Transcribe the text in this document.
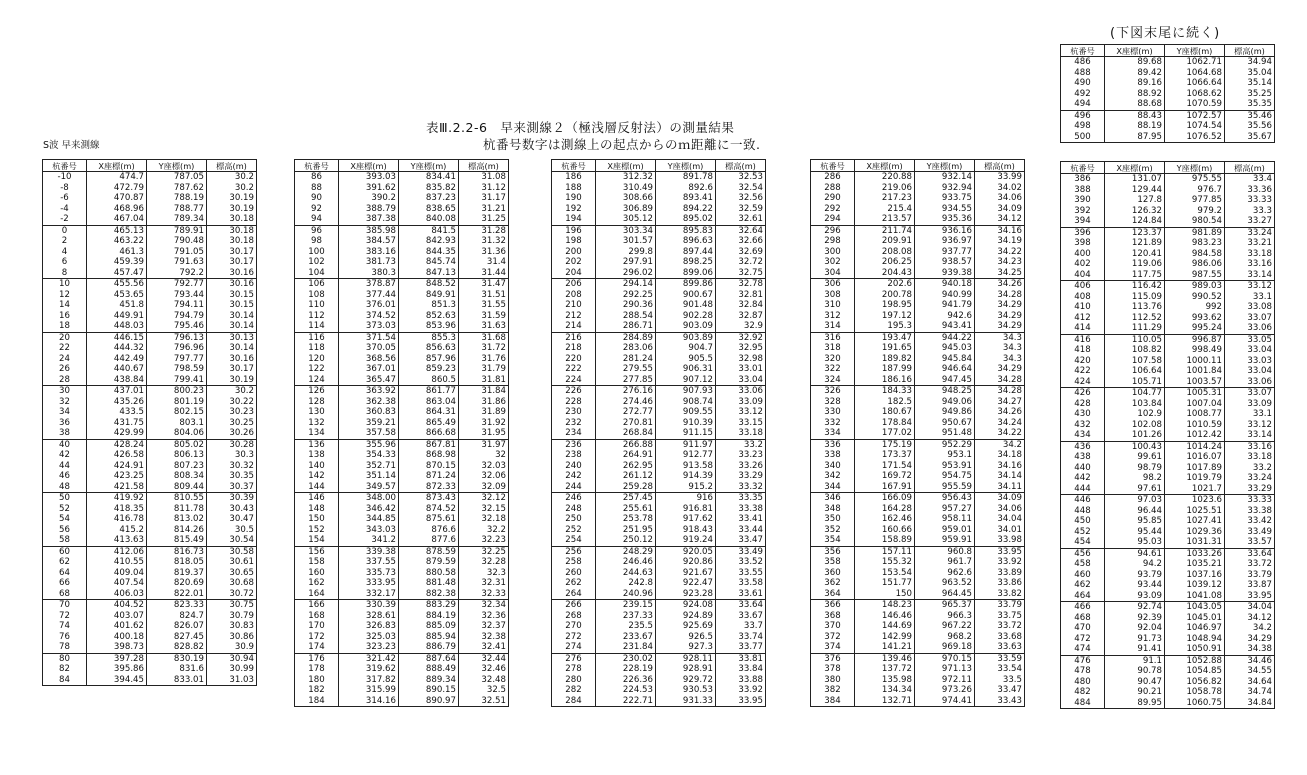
(下図末尾に続く)
表Ⅲ.2.2-6　早来測線２（極浅層反射法）の測量結果
杭番号数字は測線上の起点からのｍ距離に一致.
S波 早来測線
杭番号	X座標(m)	Y座標(m)	標高(m)
-10	474.7	787.05	30.2
-8	472.79	787.62	30.2
-6	470.87	788.19	30.19
-4	468.96	788.77	30.19
-2	467.04	789.34	30.18
0	465.13	789.91	30.18
2	463.22	790.48	30.18
4	461.3	791.05	30.17
6	459.39	791.63	30.17
8	457.47	792.2	30.16
10	455.56	792.77	30.16
12	453.65	793.44	30.15
14	451.8	794.11	30.15
16	449.91	794.79	30.14
18	448.03	795.46	30.14
20	446.15	796.13	30.13
22	444.32	796.96	30.14
24	442.49	797.77	30.16
26	440.67	798.59	30.17
28	438.84	799.41	30.19
30	437.01	800.23	30.2
32	435.26	801.19	30.22
34	433.5	802.15	30.23
36	431.75	803.1	30.25
38	429.99	804.06	30.26
40	428.24	805.02	30.28
42	426.58	806.13	30.3
44	424.91	807.23	30.32
46	423.25	808.34	30.35
48	421.58	809.44	30.37
50	419.92	810.55	30.39
52	418.35	811.78	30.43
54	416.78	813.02	30.47
56	415.2	814.26	30.5
58	413.63	815.49	30.54
60	412.06	816.73	30.58
62	410.55	818.05	30.61
64	409.04	819.37	30.65
66	407.54	820.69	30.68
68	406.03	822.01	30.72
70	404.52	823.33	30.75
72	403.07	824.7	30.79
74	401.62	826.07	30.83
76	400.18	827.45	30.86
78	398.73	828.82	30.9
80	397.28	830.19	30.94
82	395.86	831.6	30.99
84	394.45	833.01	31.03
杭番号	X座標(m)	Y座標(m)	標高(m)
86	393.03	834.41	31.08
88	391.62	835.82	31.12
90	390.2	837.23	31.17
92	388.79	838.65	31.21
94	387.38	840.08	31.25
96	385.98	841.5	31.28
98	384.57	842.93	31.32
100	383.16	844.35	31.36
102	381.73	845.74	31.4
104	380.3	847.13	31.44
106	378.87	848.52	31.47
108	377.44	849.91	31.51
110	376.01	851.3	31.55
112	374.52	852.63	31.59
114	373.03	853.96	31.63
116	371.54	855.3	31.68
118	370.05	856.63	31.72
120	368.56	857.96	31.76
122	367.01	859.23	31.79
124	365.47	860.5	31.81
126	363.92	861.77	31.84
128	362.38	863.04	31.86
130	360.83	864.31	31.89
132	359.21	865.49	31.92
134	357.58	866.68	31.95
136	355.96	867.81	31.97
138	354.33	868.98	32
140	352.71	870.15	32.03
142	351.14	871.24	32.06
144	349.57	872.33	32.09
146	348.00	873.43	32.12
148	346.42	874.52	32.15
150	344.85	875.61	32.18
152	343.03	876.6	32.2
154	341.2	877.6	32.23
156	339.38	878.59	32.25
158	337.55	879.59	32.28
160	335.73	880.58	32.3
162	333.95	881.48	32.31
164	332.17	882.38	32.33
166	330.39	883.29	32.34
168	328.61	884.19	32.36
170	326.83	885.09	32.37
172	325.03	885.94	32.38
174	323.23	886.79	32.41
176	321.42	887.64	32.44
178	319.62	888.49	32.46
180	317.82	889.34	32.48
182	315.99	890.15	32.5
184	314.16	890.97	32.51
杭番号	X座標(m)	Y座標(m)	標高(m)
186	312.32	891.78	32.53
188	310.49	892.6	32.54
190	308.66	893.41	32.56
192	306.89	894.22	32.59
194	305.12	895.02	32.61
196	303.34	895.83	32.64
198	301.57	896.63	32.66
200	299.8	897.44	32.69
202	297.91	898.25	32.72
204	296.02	899.06	32.75
206	294.14	899.86	32.78
208	292.25	900.67	32.81
210	290.36	901.48	32.84
212	288.54	902.28	32.87
214	286.71	903.09	32.9
216	284.89	903.89	32.92
218	283.06	904.7	32.95
220	281.24	905.5	32.98
222	279.55	906.31	33.01
224	277.85	907.12	33.04
226	276.16	907.93	33.06
228	274.46	908.74	33.09
230	272.77	909.55	33.12
232	270.81	910.39	33.15
234	268.84	911.15	33.18
236	266.88	911.97	33.2
238	264.91	912.77	33.23
240	262.95	913.58	33.26
242	261.12	914.39	33.29
244	259.28	915.2	33.32
246	257.45	916	33.35
248	255.61	916.81	33.38
250	253.78	917.62	33.41
252	251.95	918.43	33.44
254	250.12	919.24	33.47
256	248.29	920.05	33.49
258	246.46	920.86	33.52
260	244.63	921.67	33.55
262	242.8	922.47	33.58
264	240.96	923.28	33.61
266	239.15	924.08	33.64
268	237.33	924.89	33.67
270	235.5	925.69	33.7
272	233.67	926.5	33.74
274	231.84	927.3	33.77
276	230.02	928.11	33.81
278	228.19	928.91	33.84
280	226.36	929.72	33.88
282	224.53	930.53	33.92
284	222.71	931.33	33.95
杭番号	X座標(m)	Y座標(m)	標高(m)
286	220.88	932.14	33.99
288	219.06	932.94	34.02
290	217.23	933.75	34.06
292	215.4	934.55	34.09
294	213.57	935.36	34.12
296	211.74	936.16	34.16
298	209.91	936.97	34.19
300	208.08	937.77	34.22
302	206.25	938.57	34.23
304	204.43	939.38	34.25
306	202.6	940.18	34.26
308	200.78	940.99	34.28
310	198.95	941.79	34.29
312	197.12	942.6	34.29
314	195.3	943.41	34.29
316	193.47	944.22	34.3
318	191.65	945.03	34.3
320	189.82	945.84	34.3
322	187.99	946.64	34.29
324	186.16	947.45	34.28
326	184.33	948.25	34.28
328	182.5	949.06	34.27
330	180.67	949.86	34.26
332	178.84	950.67	34.24
334	177.02	951.48	34.22
336	175.19	952.29	34.2
338	173.37	953.1	34.18
340	171.54	953.91	34.16
342	169.72	954.75	34.14
344	167.91	955.59	34.11
346	166.09	956.43	34.09
348	164.28	957.27	34.06
350	162.46	958.11	34.04
352	160.66	959.01	34.01
354	158.89	959.91	33.98
356	157.11	960.8	33.95
358	155.32	961.7	33.92
360	153.54	962.6	33.89
362	151.77	963.52	33.86
364	150	964.45	33.82
366	148.23	965.37	33.79
368	146.46	966.3	33.75
370	144.69	967.22	33.72
372	142.99	968.2	33.68
374	141.21	969.18	33.63
376	139.46	970.15	33.59
378	137.72	971.13	33.54
380	135.98	972.11	33.5
382	134.34	973.26	33.47
384	132.71	974.41	33.43
杭番号	X座標(m)	Y座標(m)	標高(m)
386	131.07	975.55	33.4
388	129.44	976.7	33.36
390	127.8	977.85	33.33
392	126.32	979.2	33.3
394	124.84	980.54	33.27
396	123.37	981.89	33.24
398	121.89	983.23	33.21
400	120.41	984.58	33.18
402	119.06	986.06	33.16
404	117.75	987.55	33.14
406	116.42	989.03	33.12
408	115.09	990.52	33.1
410	113.76	992	33.08
412	112.52	993.62	33.07
414	111.29	995.24	33.06
416	110.05	996.87	33.05
418	108.82	998.49	33.04
420	107.58	1000.11	33.03
422	106.64	1001.84	33.04
424	105.71	1003.57	33.06
426	104.77	1005.31	33.07
428	103.84	1007.04	33.09
430	102.9	1008.77	33.1
432	102.08	1010.59	33.12
434	101.26	1012.42	33.14
436	100.43	1014.24	33.16
438	99.61	1016.07	33.18
440	98.79	1017.89	33.2
442	98.2	1019.79	33.24
444	97.61	1021.7	33.29
446	97.03	1023.6	33.33
448	96.44	1025.51	33.38
450	95.85	1027.41	33.42
452	95.44	1029.36	33.49
454	95.03	1031.31	33.57
456	94.61	1033.26	33.64
458	94.2	1035.21	33.72
460	93.79	1037.16	33.79
462	93.44	1039.12	33.87
464	93.09	1041.08	33.95
466	92.74	1043.05	34.04
468	92.39	1045.01	34.12
470	92.04	1046.97	34.2
472	91.73	1048.94	34.29
474	91.41	1050.91	34.38
476	91.1	1052.88	34.46
478	90.78	1054.85	34.55
480	90.47	1056.82	34.64
482	90.21	1058.78	34.74
484	89.95	1060.75	34.84
杭番号	X座標(m)	Y座標(m)	標高(m)
486	89.68	1062.71	34.94
488	89.42	1064.68	35.04
490	89.16	1066.64	35.14
492	88.92	1068.62	35.25
494	88.68	1070.59	35.35
496	88.43	1072.57	35.46
498	88.19	1074.54	35.56
500	87.95	1076.52	35.67
